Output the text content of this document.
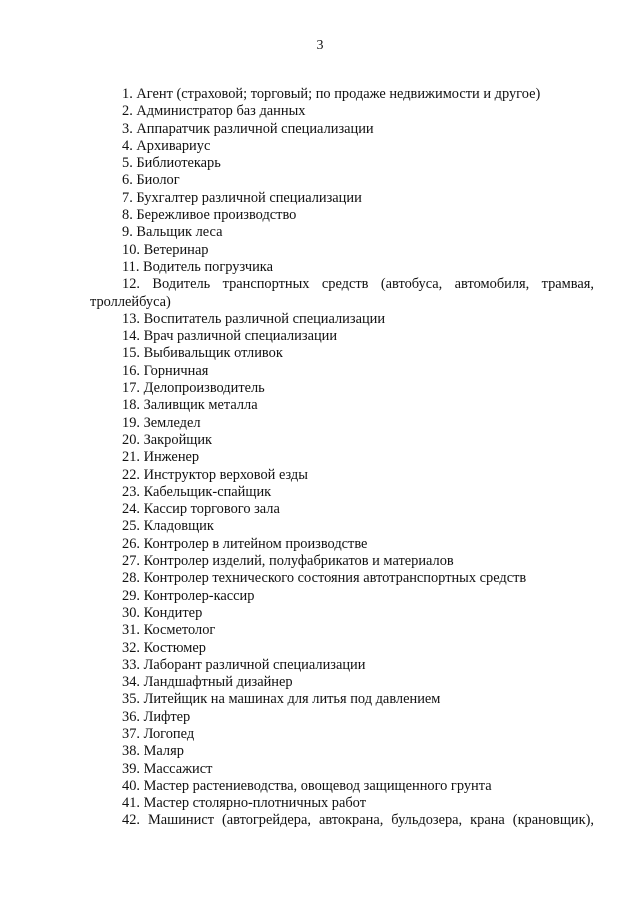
3
1. Агент (страховой; торговый; по продаже недвижимости и другое)
2. Администратор баз данных
3. Аппаратчик различной специализации
4. Архивариус
5. Библиотекарь
6. Биолог
7. Бухгалтер различной специализации
8. Бережливое производство
9. Вальщик леса
10. Ветеринар
11. Водитель погрузчика
12. Водитель транспортных средств (автобуса, автомобиля, трамвая, троллейбуса)
13. Воспитатель различной специализации
14. Врач различной специализации
15. Выбивальщик отливок
16. Горничная
17. Делопроизводитель
18. Заливщик металла
19. Земледел
20. Закройщик
21. Инженер
22. Инструктор верховой езды
23. Кабельщик-спайщик
24. Кассир торгового зала
25. Кладовщик
26. Контролер в литейном производстве
27. Контролер изделий, полуфабрикатов и материалов
28. Контролер технического состояния автотранспортных средств
29. Контролер-кассир
30. Кондитер
31. Косметолог
32. Костюмер
33. Лаборант различной специализации
34. Ландшафтный дизайнер
35. Литейщик на машинах для литья под давлением
36. Лифтер
37. Логопед
38. Маляр
39. Массажист
40. Мастер растениеводства, овощевод защищенного грунта
41. Мастер столярно-плотничных работ
42. Машинист (автогрейдера, автокрана, бульдозера, крана (крановщик),
